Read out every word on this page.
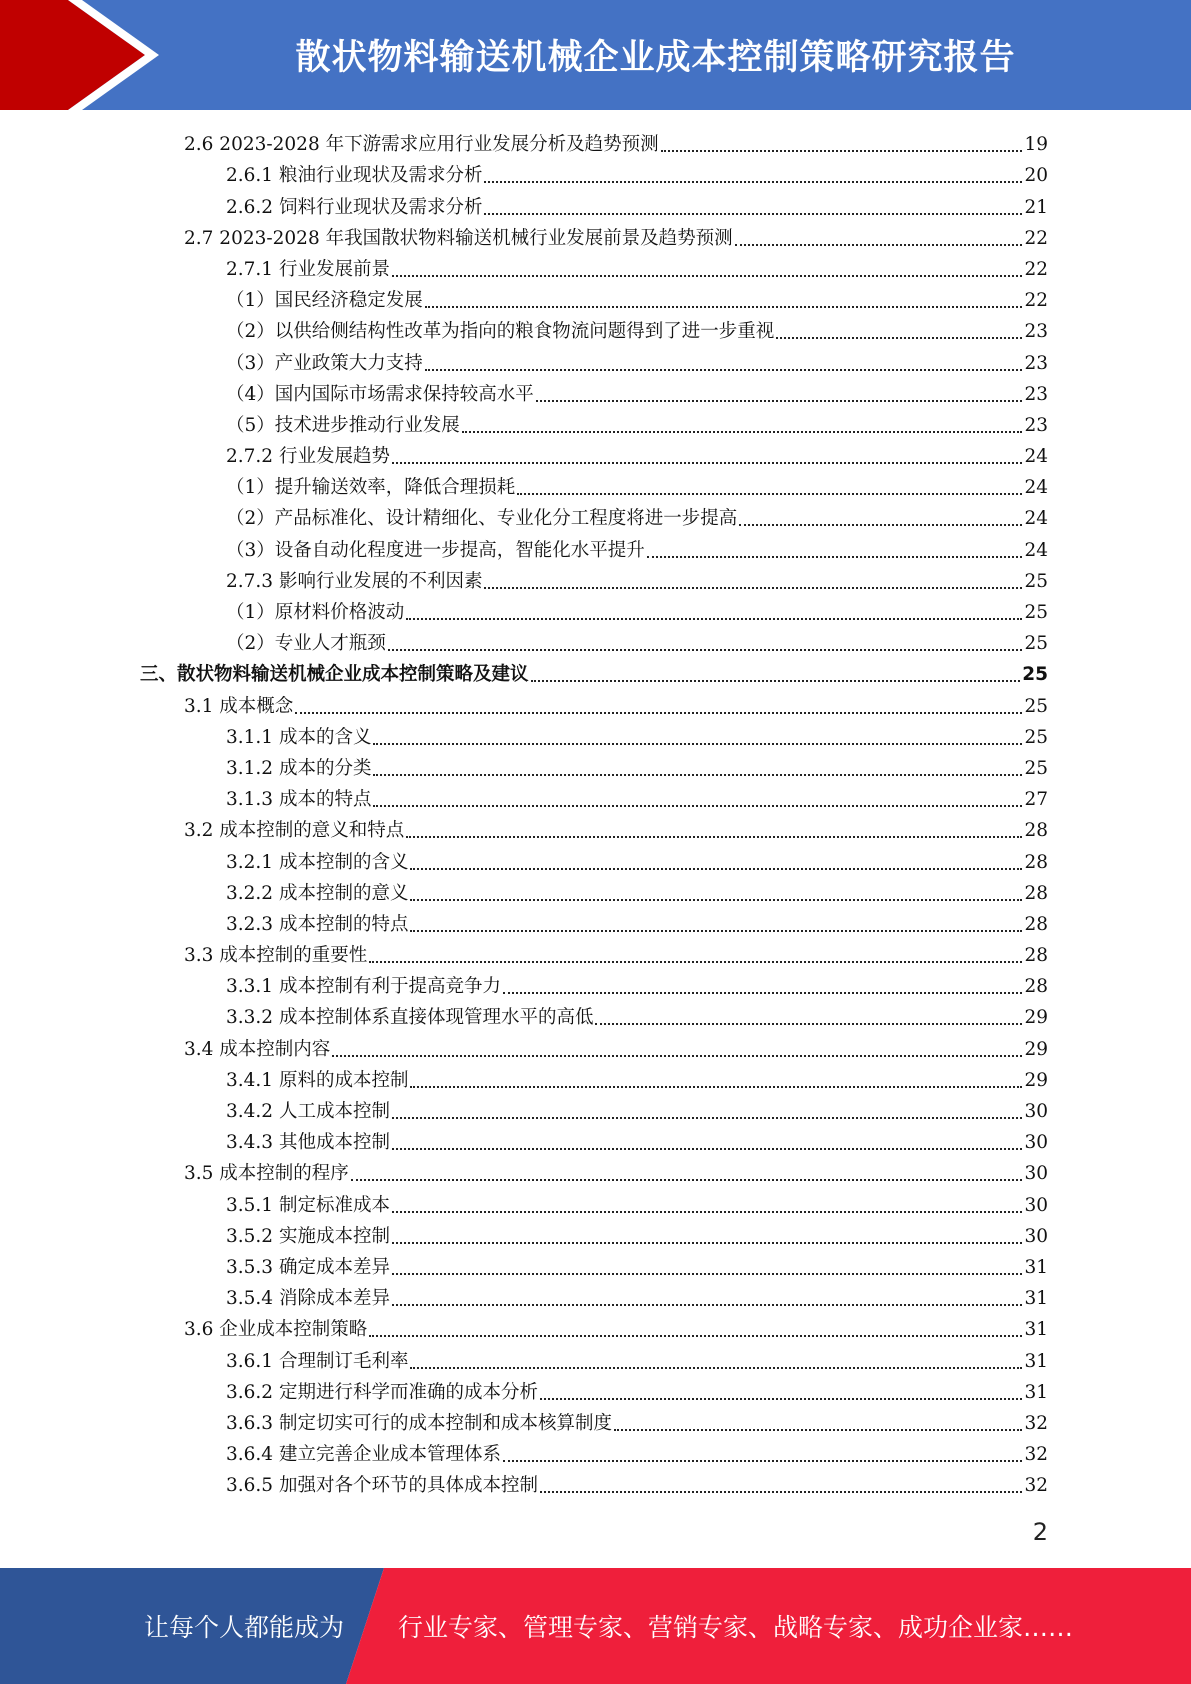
散状物料输送机械企业成本控制策略研究报告
2.6 2023-2028 年下游需求应用行业发展分析及趋势预测	19
2.6.1 粮油行业现状及需求分析	20
2.6.2 饲料行业现状及需求分析	21
2.7 2023-2028 年我国散状物料输送机械行业发展前景及趋势预测	22
2.7.1 行业发展前景	22
（1）国民经济稳定发展	22
（2）以供给侧结构性改革为指向的粮食物流问题得到了进一步重视	23
（3）产业政策大力支持	23
（4）国内国际市场需求保持较高水平	23
（5）技术进步推动行业发展	23
2.7.2 行业发展趋势	24
（1）提升输送效率，降低合理损耗	24
（2）产品标准化、设计精细化、专业化分工程度将进一步提高	24
（3）设备自动化程度进一步提高，智能化水平提升	24
2.7.3 影响行业发展的不利因素	25
（1）原材料价格波动	25
（2）专业人才瓶颈	25
三、散状物料输送机械企业成本控制策略及建议	25
3.1 成本概念	25
3.1.1 成本的含义	25
3.1.2 成本的分类	25
3.1.3 成本的特点	27
3.2 成本控制的意义和特点	28
3.2.1 成本控制的含义	28
3.2.2 成本控制的意义	28
3.2.3 成本控制的特点	28
3.3 成本控制的重要性	28
3.3.1 成本控制有利于提高竞争力	28
3.3.2 成本控制体系直接体现管理水平的高低	29
3.4 成本控制内容	29
3.4.1 原料的成本控制	29
3.4.2 人工成本控制	30
3.4.3 其他成本控制	30
3.5 成本控制的程序	30
3.5.1 制定标准成本	30
3.5.2 实施成本控制	30
3.5.3 确定成本差异	31
3.5.4 消除成本差异	31
3.6 企业成本控制策略	31
3.6.1 合理制订毛利率	31
3.6.2 定期进行科学而准确的成本分析	31
3.6.3 制定切实可行的成本控制和成本核算制度	32
3.6.4 建立完善企业成本管理体系	32
3.6.5 加强对各个环节的具体成本控制	32
2
让每个人都能成为 行业专家、管理专家、营销专家、战略专家、成功企业家……
